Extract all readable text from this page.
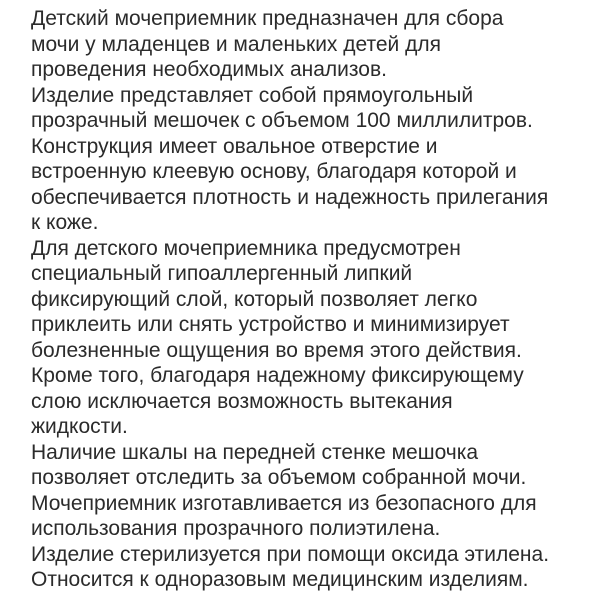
Детский мочеприемник предназначен для сбора
мочи у младенцев и маленьких детей для
проведения необходимых анализов.
Изделие представляет собой прямоугольный
прозрачный мешочек с объемом 100 миллилитров.
Конструкция имеет овальное отверстие и
встроенную клеевую основу, благодаря которой и
обеспечивается плотность и надежность прилегания
к коже.
Для детского мочеприемника предусмотрен
специальный гипоаллергенный липкий
фиксирующий слой, который позволяет легко
приклеить или снять устройство и минимизирует
болезненные ощущения во время этого действия.
Кроме того, благодаря надежному фиксирующему
слою исключается возможность вытекания
жидкости.
Наличие шкалы на передней стенке мешочка
позволяет отследить за объемом собранной мочи.
Мочеприемник изготавливается из безопасного для
использования прозрачного полиэтилена.
Изделие стерилизуется при помощи оксида этилена.
Относится к одноразовым медицинским изделиям.
